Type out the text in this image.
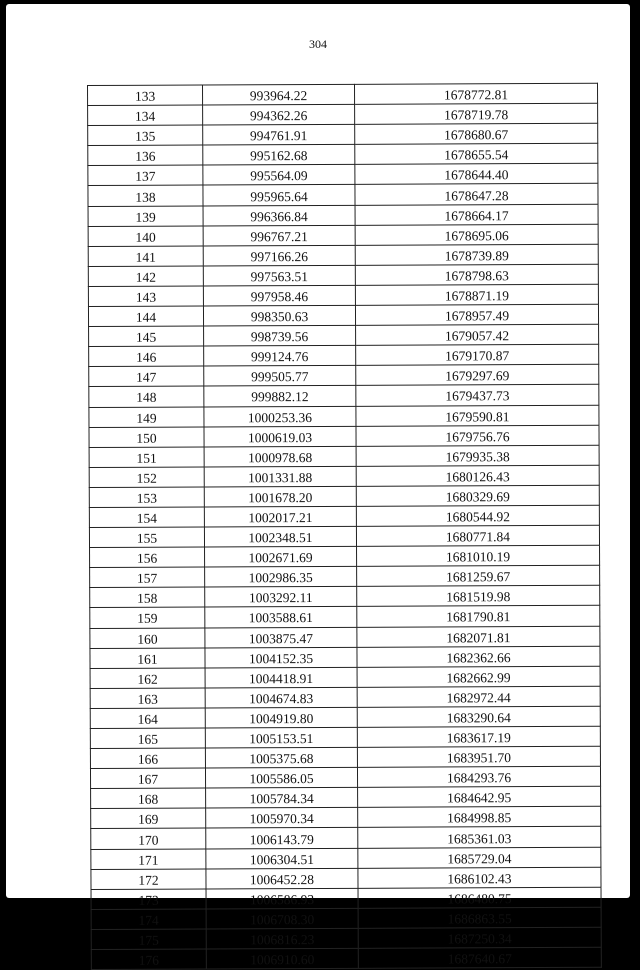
304
133	993964.22	1678772.81
134	994362.26	1678719.78
135	994761.91	1678680.67
136	995162.68	1678655.54
137	995564.09	1678644.40
138	995965.64	1678647.28
139	996366.84	1678664.17
140	996767.21	1678695.06
141	997166.26	1678739.89
142	997563.51	1678798.63
143	997958.46	1678871.19
144	998350.63	1678957.49
145	998739.56	1679057.42
146	999124.76	1679170.87
147	999505.77	1679297.69
148	999882.12	1679437.73
149	1000253.36	1679590.81
150	1000619.03	1679756.76
151	1000978.68	1679935.38
152	1001331.88	1680126.43
153	1001678.20	1680329.69
154	1002017.21	1680544.92
155	1002348.51	1680771.84
156	1002671.69	1681010.19
157	1002986.35	1681259.67
158	1003292.11	1681519.98
159	1003588.61	1681790.81
160	1003875.47	1682071.81
161	1004152.35	1682362.66
162	1004418.91	1682662.99
163	1004674.83	1682972.44
164	1004919.80	1683290.64
165	1005153.51	1683617.19
166	1005375.68	1683951.70
167	1005586.05	1684293.76
168	1005784.34	1684642.95
169	1005970.34	1684998.85
170	1006143.79	1685361.03
171	1006304.51	1685729.04
172	1006452.28	1686102.43
173	1006586.93	1686480.75
174	1006708.30	1686863.55
175	1006816.23	1687250.34
176	1006910.60	1687640.67
